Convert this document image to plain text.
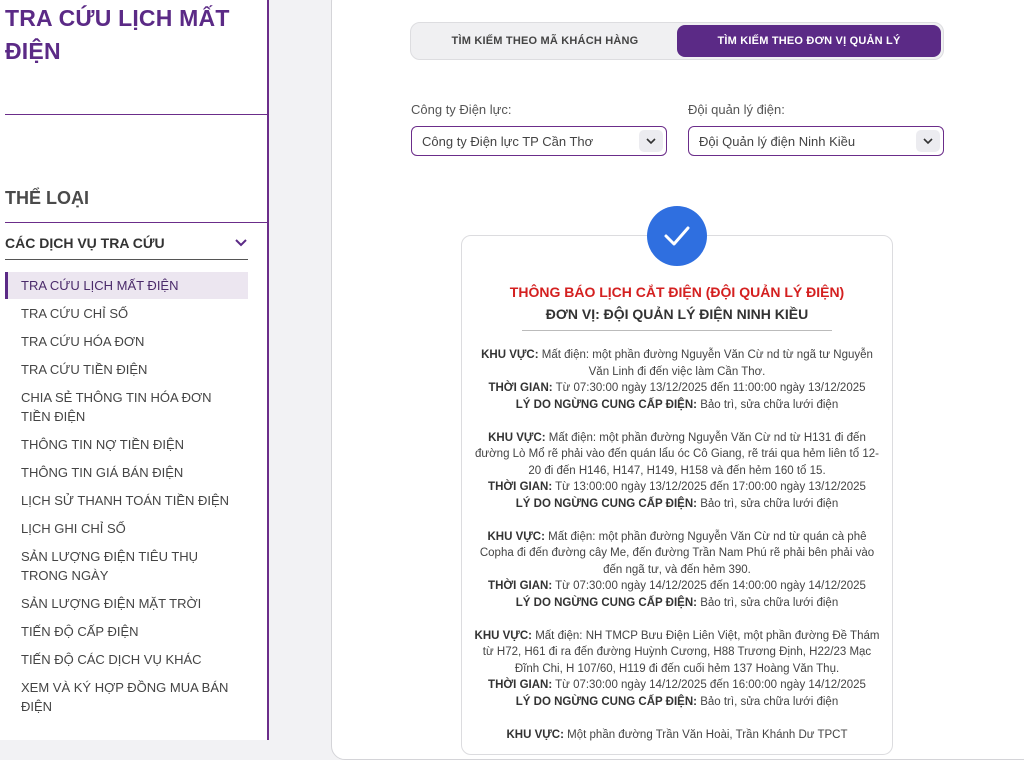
TRA CỨU LỊCH MẤT ĐIỆN
THỂ LOẠI
CÁC DỊCH VỤ TRA CỨU
TRA CỨU LỊCH MẤT ĐIỆN
TRA CỨU CHỈ SỐ
TRA CỨU HÓA ĐƠN
TRA CỨU TIỀN ĐIỆN
CHIA SẺ THÔNG TIN HÓA ĐƠN TIỀN ĐIỆN
THÔNG TIN NỢ TIỀN ĐIỆN
THÔNG TIN GIÁ BÁN ĐIỆN
LỊCH SỬ THANH TOÁN TIỀN ĐIỆN
LỊCH GHI CHỈ SỐ
SẢN LƯỢNG ĐIỆN TIÊU THỤ TRONG NGÀY
SẢN LƯỢNG ĐIỆN MẶT TRỜI
TIẾN ĐỘ CẤP ĐIỆN
TIẾN ĐỘ CÁC DỊCH VỤ KHÁC
XEM VÀ KÝ HỢP ĐỒNG MUA BÁN ĐIỆN
TÌM KIẾM THEO MÃ KHÁCH HÀNG	TÌM KIẾM THEO ĐƠN VỊ QUẢN LÝ
Công ty Điện lực:
Công ty Điện lực TP Cần Thơ
Đội quản lý điện:
Đội Quản lý điện Ninh Kiều
THÔNG BÁO LỊCH CẮT ĐIỆN (ĐỘI QUẢN LÝ ĐIỆN)
ĐƠN VỊ: ĐỘI QUẢN LÝ ĐIỆN NINH KIỀU
KHU VỰC: Mất điện: một phần đường Nguyễn Văn Cừ nd từ ngã tư Nguyễn Văn Linh đi đến việc làm Cần Thơ.
THỜI GIAN: Từ 07:30:00 ngày 13/12/2025 đến 11:00:00 ngày 13/12/2025
LÝ DO NGỪNG CUNG CẤP ĐIỆN: Bảo trì, sửa chữa lưới điện
KHU VỰC: Mất điện: một phần đường Nguyễn Văn Cừ nd từ H131 đi đến đường Lò Mổ rẽ phải vào đến quán lẩu óc Cô Giang, rẽ trái qua hẻm liên tổ 12-20 đi đến H146, H147, H149, H158 và đến hẻm 160 tổ 15.
THỜI GIAN: Từ 13:00:00 ngày 13/12/2025 đến 17:00:00 ngày 13/12/2025
LÝ DO NGỪNG CUNG CẤP ĐIỆN: Bảo trì, sửa chữa lưới điện
KHU VỰC: Mất điện: một phần đường Nguyễn Văn Cừ nd từ quán cà phê Copha đi đến đường cây Me, đến đường Trần Nam Phú rẽ phải bên phải vào đến ngã tư, và đến hẻm 390.
THỜI GIAN: Từ 07:30:00 ngày 14/12/2025 đến 14:00:00 ngày 14/12/2025
LÝ DO NGỪNG CUNG CẤP ĐIỆN: Bảo trì, sửa chữa lưới điện
KHU VỰC: Mất điện: NH TMCP Bưu Điện Liên Việt, một phần đường Đề Thám từ H72, H61 đi ra đến đường Huỳnh Cương, H88 Trương Định, H22/23 Mạc Đĩnh Chi, H 107/60, H119 đi đến cuối hẻm 137 Hoàng Văn Thụ.
THỜI GIAN: Từ 07:30:00 ngày 14/12/2025 đến 16:00:00 ngày 14/12/2025
LÝ DO NGỪNG CUNG CẤP ĐIỆN: Bảo trì, sửa chữa lưới điện
KHU VỰC: Một phần đường Trần Văn Hoài, Trần Khánh Dư TPCT
